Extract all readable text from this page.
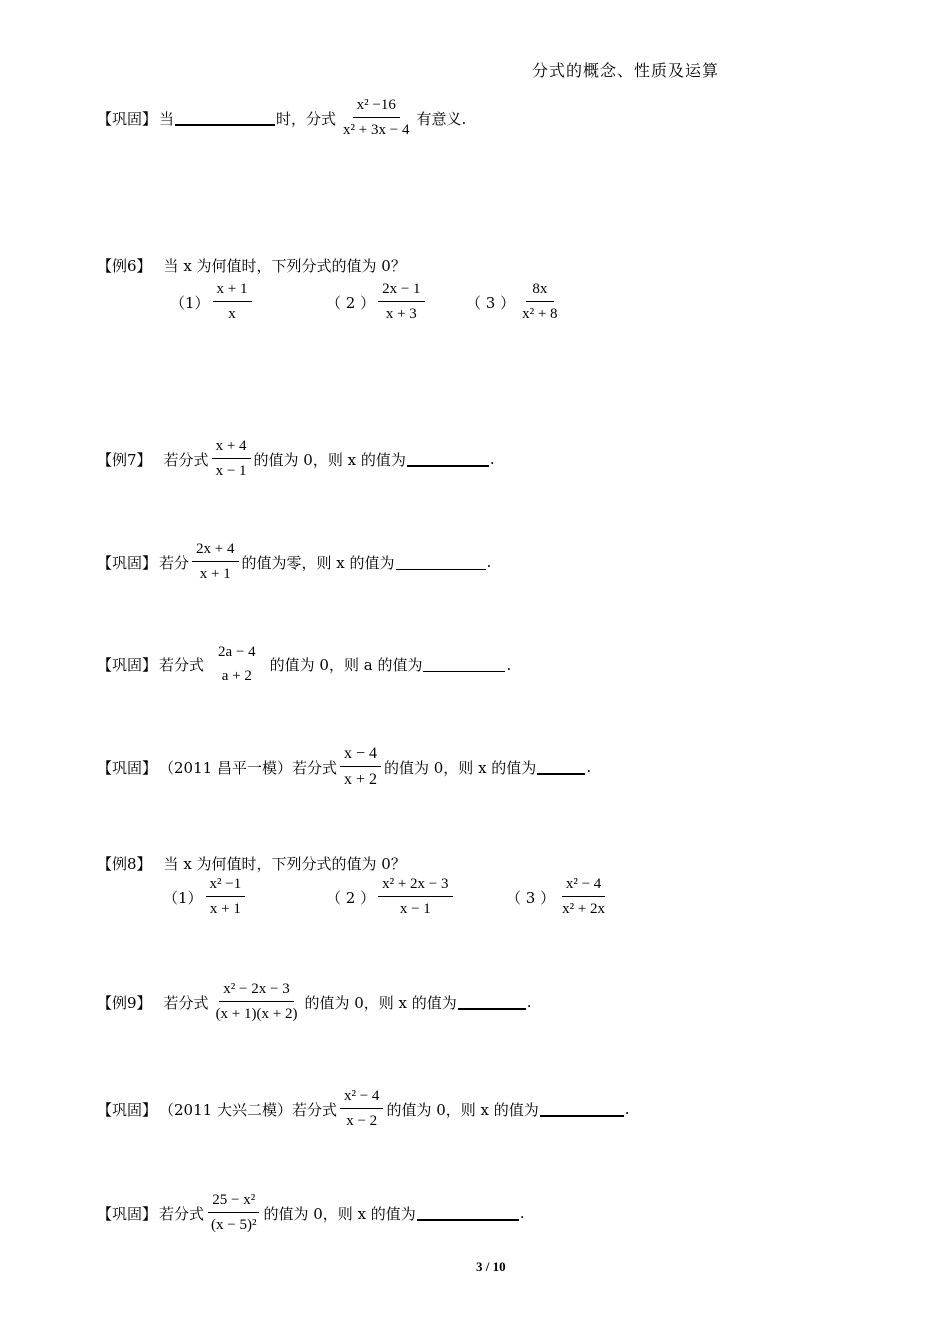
分式的概念、性质及运算
【巩固】 当	时，分式 $\frac{\text{x² −16}}{\text{x² + 3x − 4}}$ 有意义.
【例6】 当 x 为何值时，下列分式的值为 0？
$(1) \frac{x + 1}{x}$	（ 2 ） $\frac{2x - 1}{x + 3}$	（ 3 ） $\frac{8x}{\text{x² + 8}}$
【例7】 若分式 $\frac{x + 4}{x - 1}$ 的值为 0，则 x 的值为	.
【巩固】 若分 $\frac{2x + 4}{x + 1}$ 的值为零，则 x 的值为	.
【巩固】 若分式
2a − 4
a + 2
的值为 0，则 a 的值为	.
【巩固】 （2011 昌平一模）若分式 $\frac{x - 4}{x + 2}$ 的值为 0，则 x 的值为	.
【例8】 当 x 为何值时，下列分式的值为 0？
$(1) \frac{\text{x² −1}}{x + 1}$	（ 2 ） $\frac{\text{x² + 2x − 3}}{x - 1}$	（ 3 ） $\frac{\text{x² − 4}}{\text{x² + 2x}}$
【例9】 若分式 $\frac{\text{x² − 2x − 3}}{(x + 1)(x + 2)}$ 的值为 0，则 x 的值为	.
【巩固】 （2011 大兴二模）若分式 $\frac{\text{x² − 4}}{x - 2}$ 的值为 0，则 x 的值为	.
【巩固】 若分式 $\frac{\text{25 − x²}}{\text{(x − 5)²}}$ 的值为 0，则 x 的值为	.
3 / 10
